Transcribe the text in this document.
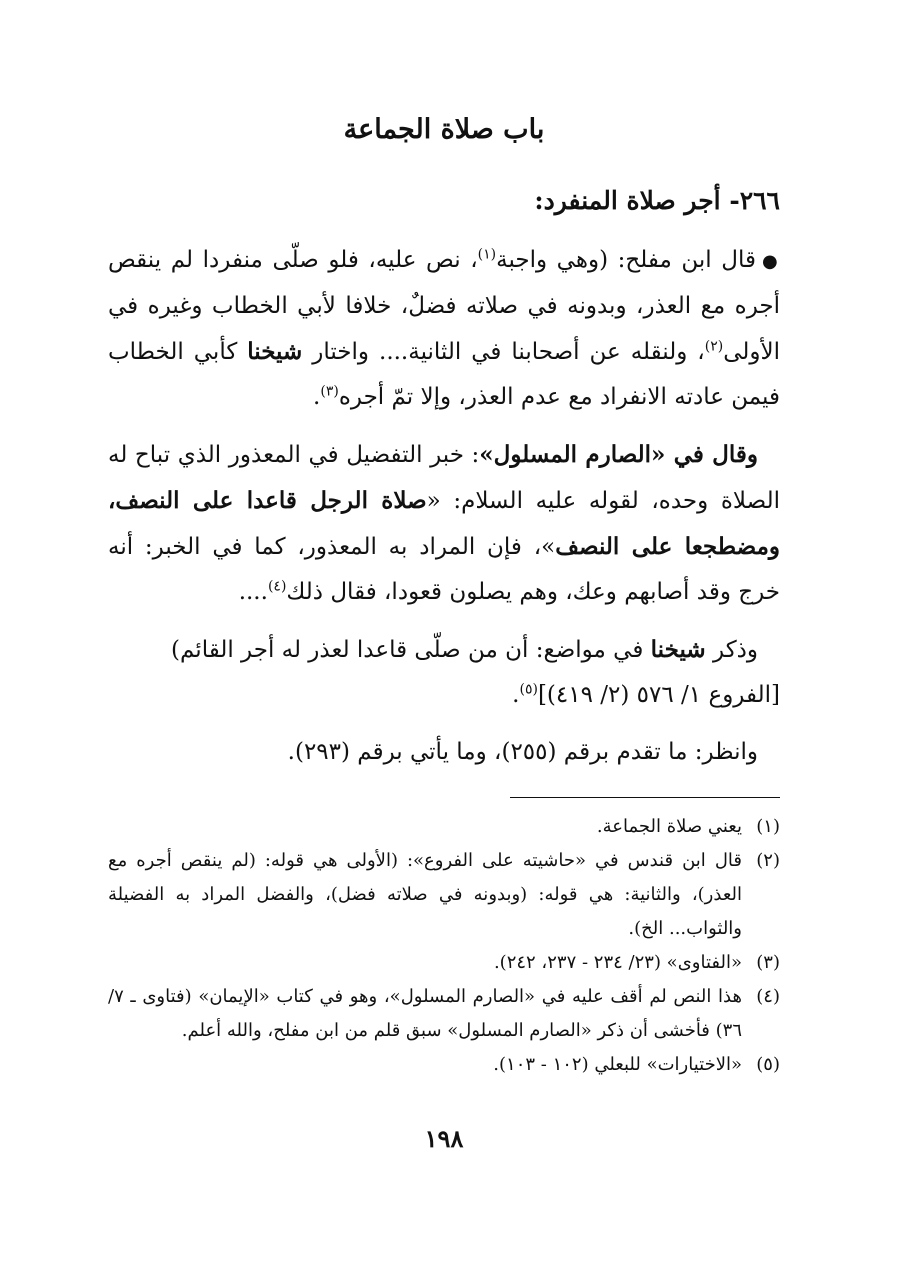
باب صلاة الجماعة
٢٦٦- أجر صلاة المنفرد:

●قال ابن مفلح: (وهي واجبة$^{(١)}$، نص عليه، فلو صلّى منفردا لم ينقص أجره مع العذر، وبدونه في صلاته فضلٌ، خلافا لأبي الخطاب وغيره في الأولى$^{(٢)}$، ولنقله عن أصحابنا في الثانية.... واختار شيخنا كأبي الخطاب فيمن عادته الانفراد مع عدم العذر، وإلا تمّ أجره$^{(٣)}$.

وقال في «الصارم المسلول»: خبر التفضيل في المعذور الذي تباح له الصلاة وحده، لقوله عليه السلام: «صلاة الرجل قاعدا على النصف، ومضطجعا على النصف»، فإن المراد به المعذور، كما في الخبر: أنه خرج وقد أصابهم وعك، وهم يصلون قعودا، فقال ذلك$^{(٤)}$....

وذكر شيخنا في مواضع: أن من صلّى قاعدا لعذر له أجر القائم)
[الفروع ١/ ٥٧٦ (٢/ ٤١٩)]$^{(٥)}$.

وانظر: ما تقدم برقم (٢٥٥)، وما يأتي برقم (٢٩٣).

(١)
يعني صلاة الجماعة.
(٢)
قال ابن قندس في «حاشيته على الفروع»: (الأولى هي قوله: (لم ينقص أجره مع العذر)، والثانية: هي قوله: (وبدونه في صلاته فضل)، والفضل المراد به الفضيلة والثواب... الخ).
(٣)
«الفتاوى» (٢٣/ ٢٣٤ - ٢٣٧، ٢٤٢).
(٤)
هذا النص لم أقف عليه في «الصارم المسلول»، وهو في كتاب «الإيمان» (فتاوى ـ ٧/ ٣٦) فأخشى أن ذكر «الصارم المسلول» سبق قلم من ابن مفلح، والله أعلم.
(٥)
«الاختيارات» للبعلي (١٠٢ - ١٠٣).
١٩٨
